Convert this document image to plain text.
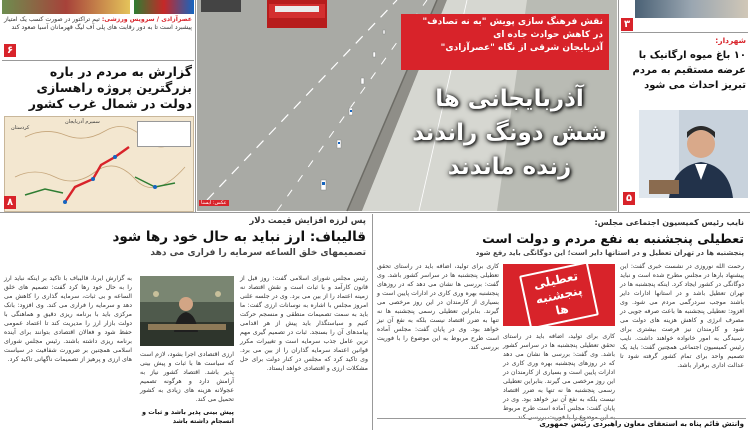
عصرآزادی / سرویس ورزشی: تیم تراکتور در صورت کسب یک امتیاز پیشبرد است تا به دور رقابت های پلی آف لیگ قهرمانان آسیا صعود کند
۶
گزارش به مردم در باره بزرگترین پروژه راهسازی دولت در شمال غرب کشور
سمیرم آذربایجان
کردستان
۸
نقش فرهنگ سازی پویش "به نه تصادف"
در کاهش حوادث جاده ای
آذربایجان شرقی از نگاه "عصرآزادی"
آذربایجانی ها شش دونگ راندند زنده ماندند
عکس: ایسنا
۳
شهردار:
۱۰ باغ میوه ارگانیک با عرضه مستقیم به مردم تبریز احداث می شود
۵
پس لرزه افزایش قیمت دلار
قالیباف: ارز نباید به حال خود رها شود
تصمیمهای خلق الساعه سرمایه را فراری می دهد
به گزارش ایرنا، قالیباف با تاکید بر اینکه نباید ارز را به حال خود رها کرد گفت: تصمیم های خلق الساعه و بی ثبات، سرمایه گذاری را کاهش می دهد و سرمایه را فراری می کند. وی افزود: بانک مرکزی باید با برنامه ریزی دقیق و هماهنگی با دولت بازار ارز را مدیریت کند تا اعتماد عمومی حفظ شود و فعالان اقتصادی بتوانند برای آینده برنامه ریزی داشته باشند. رئیس مجلس شورای اسلامی همچنین بر ضرورت شفافیت در سیاست های ارزی و پرهیز از تصمیمات ناگهانی تاکید کرد.
رئیس مجلس شورای اسلامی گفت: روز قبل از قانون کارآمد و با ثبات است و نقش اقتصاد نه زمینه اعتماد را از بین می برد. وی در جلسه علنی امروز مجلس با اشاره به نوسانات ارزی گفت: ما باید به سمت تصمیمات منطقی و منسجم حرکت کنیم و سیاستگذار باید پیش از هر اقدامی پیامدهای آن را بسنجد. ثبات در تصمیم گیری مهم ترین عامل جذب سرمایه است و تغییرات مکرر قوانین اعتماد سرمایه گذاران را از بین می برد. وی تاکید کرد که مجلس در کنار دولت برای حل مشکلات ارزی و اقتصادی خواهد ایستاد.
ارزی اقتصادی اجرا بشود، لازم است که سیاست ها با ثبات و پیش بینی پذیر باشد. اقتصاد کشور نیاز به آرامش دارد و هرگونه تصمیم عجولانه هزینه های زیادی به کشور تحمیل می کند.
پیش بینی پذیر باشد و ثبات و انسجام داشته باشد
نایب رئیس کمیسیون اجتماعی مجلس:
تعطیلی پنجشنبه به نفع مردم و دولت است
پنجشنبه ها در تهران تعطیل و در استانها دایر است؛ این دوگانگی باید رفع شود
رحمت الله نوروزی در نشست خبری گفت: این پیشنهاد بارها در مجلس مطرح شده است و نباید دوگانگی در کشور ایجاد کرد. اینکه پنجشنبه ها در تهران تعطیل باشد و در استانها ادارات دایر باشند موجب سردرگمی مردم می شود. وی افزود: تعطیلی پنجشنبه ها باعث صرفه جویی در مصرف انرژی و کاهش هزینه های دولت می شود و کارمندان نیز فرصت بیشتری برای رسیدگی به امور خانواده خواهند داشت. نایب رئیس کمیسیون اجتماعی همچنین گفت: باید یک تصمیم واحد برای تمام کشور گرفته شود تا عدالت اداری برقرار باشد.
کاری برای تولید، اضافه باید در راستای تحقق تعطیلی پنجشنبه ها در سراسر کشور باشد. وی گفت: بررسی ها نشان می دهد که در روزهای پنجشنبه بهره وری کاری در ادارات پایین است و بسیاری از کارمندان در این روز مرخصی می گیرند. بنابراین تعطیلی رسمی پنجشنبه ها نه تنها به ضرر اقتصاد نیست بلکه به نفع آن نیز خواهد بود. وی در پایان گفت: مجلس آماده است طرح مربوط به این موضوع را با فوریت بررسی کند.
تعطیلی پنجشنبه ها
کاری برای تولید، اضافه باید در راستای تحقق تعطیلی پنجشنبه ها در سراسر کشور باشد. وی گفت: بررسی ها نشان می دهد که در روزهای پنجشنبه بهره وری کاری در ادارات پایین است و بسیاری از کارمندان در این روز مرخصی می گیرند. بنابراین تعطیلی رسمی پنجشنبه ها نه تنها به ضرر اقتصاد نیست بلکه به نفع آن نیز خواهد بود. وی در پایان گفت: مجلس آماده است طرح مربوط
وانتش قائم پناه به استعفای معاون راهبردی رئیس جمهوری
